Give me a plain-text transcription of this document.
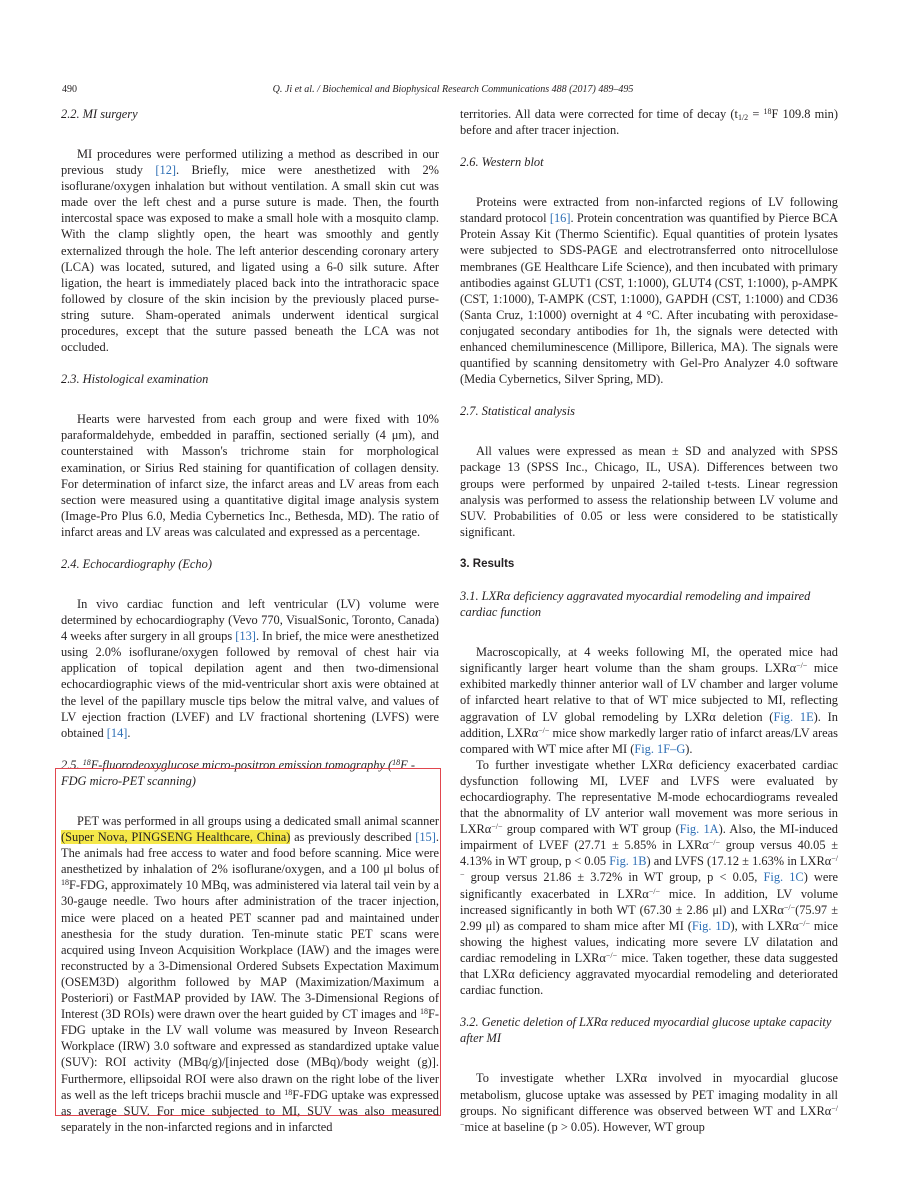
490	Q. Ji et al. / Biochemical and Biophysical Research Communications 488 (2017) 489–495

2.2. MI surgery

MI procedures were performed utilizing a method as described in our previous study [12]. Briefly, mice were anesthetized with 2% isoflurane/oxygen inhalation but without ventilation. A small skin cut was made over the left chest and a purse suture is made. Then, the fourth intercostal space was exposed to make a small hole with a mosquito clamp. With the clamp slightly open, the heart was smoothly and gently externalized through the hole. The left anterior descending coronary artery (LCA) was located, sutured, and ligated using a 6-0 silk suture. After ligation, the heart is immediately placed back into the intrathoracic space followed by closure of the skin incision by the previously placed purse-string suture. Sham-operated animals underwent identical surgical procedures, except that the suture passed beneath the LCA was not occluded.

2.3. Histological examination

Hearts were harvested from each group and were fixed with 10% paraformaldehyde, embedded in paraffin, sectioned serially (4 μm), and counterstained with Masson's trichrome stain for morphological examination, or Sirius Red staining for quantification of collagen density. For determination of infarct size, the infarct areas and LV areas from each section were measured using a quantitative digital image analysis system (Image-Pro Plus 6.0, Media Cybernetics Inc., Bethesda, MD). The ratio of infarct areas and LV areas was calculated and expressed as a percentage.

2.4. Echocardiography (Echo)

In vivo cardiac function and left ventricular (LV) volume were determined by echocardiography (Vevo 770, VisualSonic, Toronto, Canada) 4 weeks after surgery in all groups [13]. In brief, the mice were anesthetized using 2.0% isoflurane/oxygen followed by removal of chest hair via application of topical depilation agent and then two-dimensional echocardiographic views of the mid-ventricular short axis were obtained at the level of the papillary muscle tips below the mitral valve, and values of LV ejection fraction (LVEF) and LV fractional shortening (LVFS) were obtained [14].

2.5. $^{18}$F-fluorodeoxyglucose micro-positron emission tomography ($^{18}$F -FDG micro-PET scanning)

PET was performed in all groups using a dedicated small animal scanner (Super Nova, PINGSENG Healthcare, China) as previously described [15]. The animals had free access to water and food before scanning. Mice were anesthetized by inhalation of 2% isoflurane/oxygen, and a 100 μl bolus of $^{18}$F-FDG, approximately 10 MBq, was administered via lateral tail vein by a 30-gauge needle. Two hours after administration of the tracer injection, mice were placed on a heated PET scanner pad and maintained under anesthesia for the study duration. Ten-minute static PET scans were acquired using Inveon Acquisition Workplace (IAW) and the images were reconstructed by a 3-Dimensional Ordered Subsets Expectation Maximum (OSEM3D) algorithm followed by MAP (Maximization/Maximum a Posteriori) or FastMAP provided by IAW. The 3-Dimensional Regions of Interest (3D ROIs) were drawn over the heart guided by CT images and $^{18}$F-FDG uptake in the LV wall volume was measured by Inveon Research Workplace (IRW) 3.0 software and expressed as standardized uptake value (SUV): ROI activity (MBq/g)/[injected dose (MBq)/body weight (g)]. Furthermore, ellipsoidal ROI were also drawn on the right lobe of the liver as well as the left triceps brachii muscle and $^{18}$F-FDG uptake was expressed as average SUV. For mice subjected to MI, SUV was also measured separately in the non-infarcted regions and in infarcted

territories. All data were corrected for time of decay ($t_{1/2} = ^{18}F$ 109.8 min) before and after tracer injection.

2.6. Western blot

Proteins were extracted from non-infarcted regions of LV following standard protocol [16]. Protein concentration was quantified by Pierce BCA Protein Assay Kit (Thermo Scientific). Equal quantities of protein lysates were subjected to SDS-PAGE and electrotransferred onto nitrocellulose membranes (GE Healthcare Life Science), and then incubated with primary antibodies against GLUT1 (CST, 1:1000), GLUT4 (CST, 1:1000), p-AMPK (CST, 1:1000), T-AMPK (CST, 1:1000), GAPDH (CST, 1:1000) and CD36 (Santa Cruz, 1:1000) overnight at 4 °C. After incubating with peroxidase-conjugated secondary antibodies for 1h, the signals were detected with enhanced chemiluminescence (Millipore, Billerica, MA). The signals were quantified by scanning densitometry with Gel-Pro Analyzer 4.0 software (Media Cybernetics, Silver Spring, MD).

2.7. Statistical analysis

All values were expressed as mean ± SD and analyzed with SPSS package 13 (SPSS Inc., Chicago, IL, USA). Differences between two groups were performed by unpaired 2-tailed t-tests. Linear regression analysis was performed to assess the relationship between LV volume and SUV. Probabilities of 0.05 or less were considered to be statistically significant.

3. Results

3.1. LXRα deficiency aggravated myocardial remodeling and impaired cardiac function

Macroscopically, at 4 weeks following MI, the operated mice had significantly larger heart volume than the sham groups. LXRα−/− mice exhibited markedly thinner anterior wall of LV chamber and larger volume of infarcted heart relative to that of WT mice subjected to MI, reflecting aggravation of LV global remodeling by LXRα deletion (Fig. 1E). In addition, LXRα−/− mice show markedly larger ratio of infarct areas/LV areas compared with WT mice after MI (Fig. 1F–G).

To further investigate whether LXRα deficiency exacerbated cardiac dysfunction following MI, LVEF and LVFS were evaluated by echocardiography. The representative M-mode echocardiograms revealed that the abnormality of LV anterior wall movement was more serious in LXRα−/− group compared with WT group (Fig. 1A). Also, the MI-induced impairment of LVEF (27.71 ± 5.85% in LXRα−/− group versus 40.05 ± 4.13% in WT group, p < 0.05 Fig. 1B) and LVFS (17.12 ± 1.63% in LXRα−/− group versus 21.86 ± 3.72% in WT group, p < 0.05, Fig. 1C) were significantly exacerbated in LXRα−/− mice. In addition, LV volume increased significantly in both WT (67.30 ± 2.86 μl) and LXRα−/−(75.97 ± 2.99 μl) as compared to sham mice after MI (Fig. 1D), with LXRα−/− mice showing the highest values, indicating more severe LV dilatation and cardiac remodeling in LXRα−/− mice. Taken together, these data suggested that LXRα deficiency aggravated myocardial remodeling and deteriorated cardiac function.

3.2. Genetic deletion of LXRα reduced myocardial glucose uptake capacity after MI

To investigate whether LXRα involved in myocardial glucose metabolism, glucose uptake was assessed by PET imaging modality in all groups. No significant difference was observed between WT and LXRα−/−mice at baseline (p > 0.05). However, WT group
